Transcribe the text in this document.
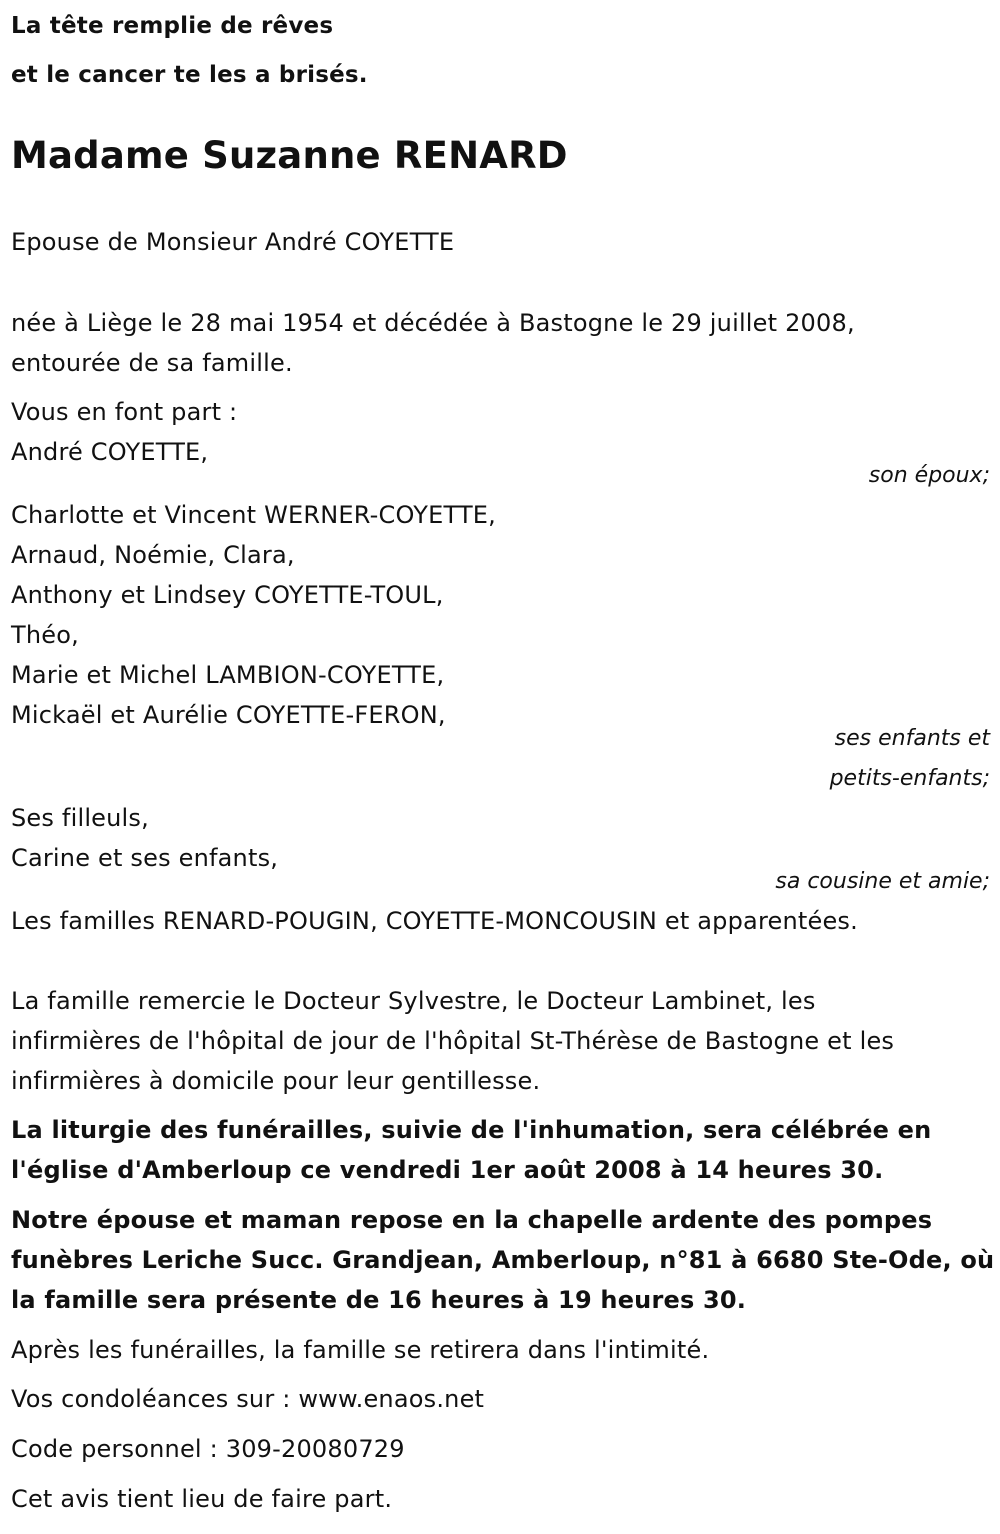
La tête remplie de rêves
et le cancer te les a brisés.
Madame Suzanne RENARD
Epouse de Monsieur André COYETTE
née à Liège le 28 mai 1954 et décédée à Bastogne le 29 juillet 2008,
entourée de sa famille.
Vous en font part :
André COYETTE,
son époux;
Charlotte et Vincent WERNER-COYETTE,
Arnaud, Noémie, Clara,
Anthony et Lindsey COYETTE-TOUL,
Théo,
Marie et Michel LAMBION-COYETTE,
Mickaël et Aurélie COYETTE-FERON,
ses enfants et
petits-enfants;
Ses filleuls,
Carine et ses enfants,
sa cousine et amie;
Les familles RENARD-POUGIN, COYETTE-MONCOUSIN et apparentées.
La famille remercie le Docteur Sylvestre, le Docteur Lambinet, les
infirmières de l'hôpital de jour de l'hôpital St-Thérèse de Bastogne et les
infirmières à domicile pour leur gentillesse.
La liturgie des funérailles, suivie de l'inhumation, sera célébrée en
l'église d'Amberloup ce vendredi 1er août 2008 à 14 heures 30.
Notre épouse et maman repose en la chapelle ardente des pompes
funèbres Leriche Succ. Grandjean, Amberloup, n°81 à 6680 Ste-Ode, où
la famille sera présente de 16 heures à 19 heures 30.
Après les funérailles, la famille se retirera dans l'intimité.
Vos condoléances sur : www.enaos.net
Code personnel : 309-20080729
Cet avis tient lieu de faire part.
